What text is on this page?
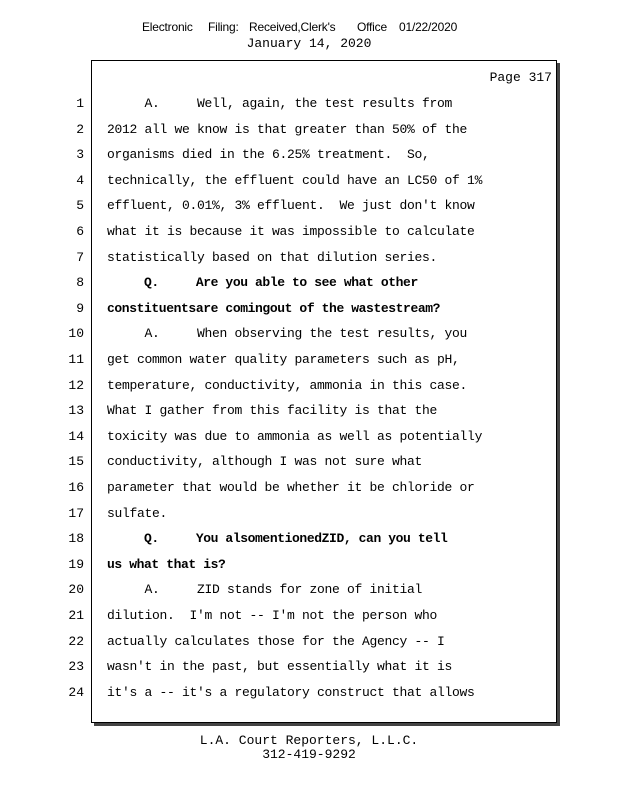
Electronic Filing: Received,Clerk's Office 01/22/2020
January 14, 2020
Page 317
1 A.     Well, again, the test results from
2 2012 all we know is that greater than 50% of the
3 organisms died in the 6.25% treatment.  So,
4 technically, the effluent could have an LC50 of 1%
5 effluent, 0.01%, 3% effluent.  We just don't know
6 what it is because it was impossible to calculate
7 statistically based on that dilution series.
8 Q.     Are you able to see what other
9 constituentsare comingout of the wastestream?
10 A.     When observing the test results, you
11 get common water quality parameters such as pH,
12 temperature, conductivity, ammonia in this case.
13 What I gather from this facility is that the
14 toxicity was due to ammonia as well as potentially
15 conductivity, although I was not sure what
16 parameter that would be whether it be chloride or
17 sulfate.
18 Q.     You alsomentionedZID, can you tell
19 us what that is?
20 A.     ZID stands for zone of initial
21 dilution.  I'm not -- I'm not the person who
22 actually calculates those for the Agency -- I
23 wasn't in the past, but essentially what it is
24 it's a -- it's a regulatory construct that allows
L.A. Court Reporters, L.L.C.
312-419-9292
